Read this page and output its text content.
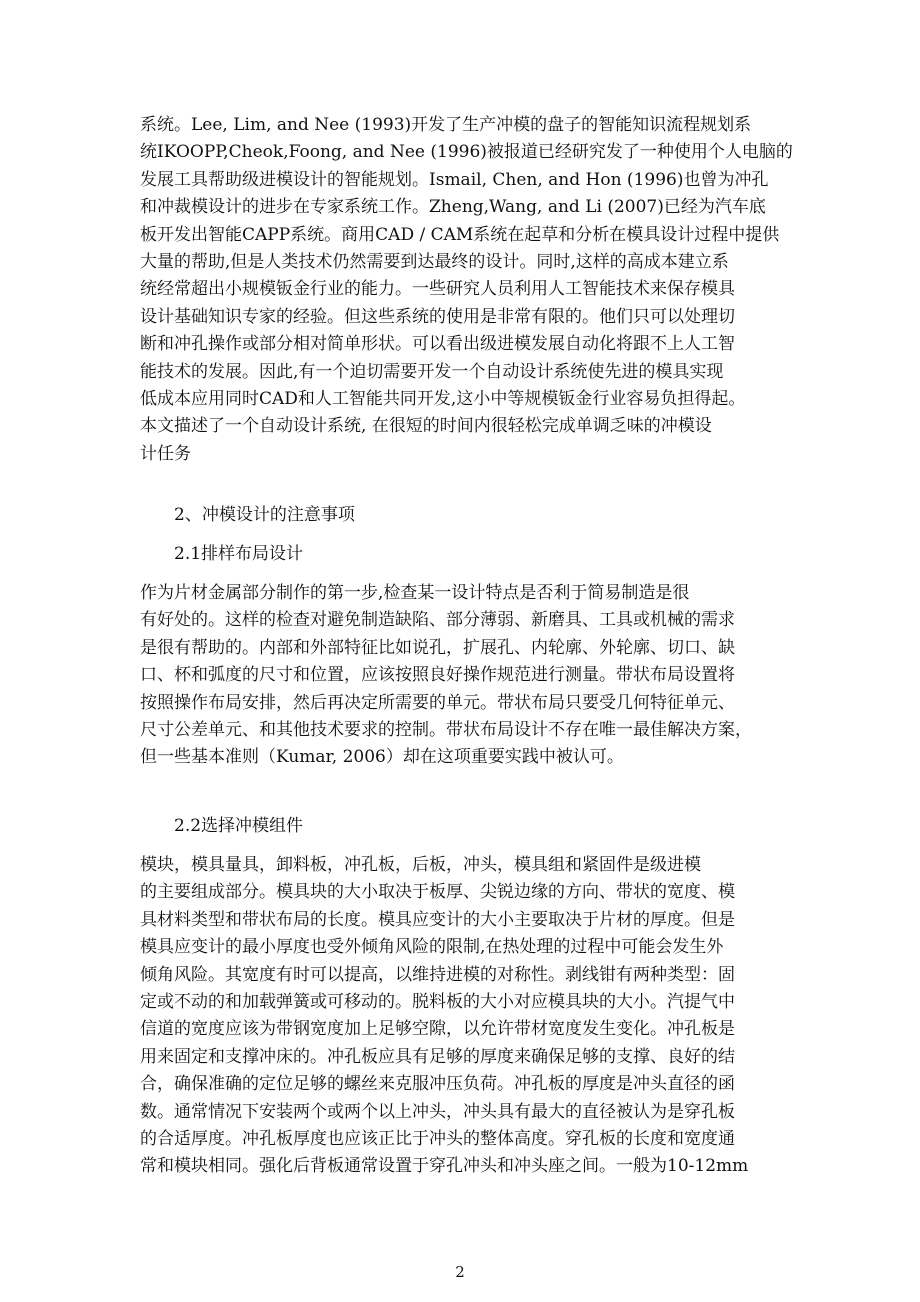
系统。Lee, Lim, and Nee (1993)开发了生产冲模的盘子的智能知识流程规划系
统IKOOPP,Cheok,Foong, and Nee (1996)被报道已经研究发了一种使用个人电脑的
发展工具帮助级进模设计的智能规划。Ismail, Chen, and Hon (1996)也曾为冲孔
和冲裁模设计的进步在专家系统工作。Zheng,Wang, and Li (2007)已经为汽车底
板开发出智能CAPP系统。商用CAD / CAM系统在起草和分析在模具设计过程中提供
大量的帮助,但是人类技术仍然需要到达最终的设计。同时,这样的高成本建立系
统经常超出小规模钣金行业的能力。一些研究人员利用人工智能技术来保存模具
设计基础知识专家的经验。但这些系统的使用是非常有限的。他们只可以处理切
断和冲孔操作或部分相对简单形状。可以看出级进模发展自动化将跟不上人工智
能技术的发展。因此,有一个迫切需要开发一个自动设计系统使先进的模具实现
低成本应用同时CAD和人工智能共同开发,这小中等规模钣金行业容易负担得起。
本文描述了一个自动设计系统, 在很短的时间内很轻松完成单调乏味的冲模设
计任务
2、冲模设计的注意事项
2.1排样布局设计
作为片材金属部分制作的第一步,检查某一设计特点是否利于简易制造是很
有好处的。这样的检查对避免制造缺陷、部分薄弱、新磨具、工具或机械的需求
是很有帮助的。内部和外部特征比如说孔，扩展孔、内轮廓、外轮廓、切口、缺
口、杯和弧度的尺寸和位置，应该按照良好操作规范进行测量。带状布局设置将
按照操作布局安排，然后再决定所需要的单元。带状布局只要受几何特征单元、
尺寸公差单元、和其他技术要求的控制。带状布局设计不存在唯一最佳解决方案，
但一些基本准则（Kumar, 2006）却在这项重要实践中被认可。
2.2选择冲模组件
模块，模具量具，卸料板，冲孔板，后板，冲头，模具组和紧固件是级进模
的主要组成部分。模具块的大小取决于板厚、尖锐边缘的方向、带状的宽度、模
具材料类型和带状布局的长度。模具应变计的大小主要取决于片材的厚度。但是
模具应变计的最小厚度也受外倾角风险的限制,在热处理的过程中可能会发生外
倾角风险。其宽度有时可以提高，以维持进模的对称性。剥线钳有两种类型：固
定或不动的和加载弹簧或可移动的。脱料板的大小对应模具块的大小。汽提气中
信道的宽度应该为带钢宽度加上足够空隙，以允许带材宽度发生变化。冲孔板是
用来固定和支撑冲床的。冲孔板应具有足够的厚度来确保足够的支撑、良好的结
合，确保准确的定位足够的螺丝来克服冲压负荷。冲孔板的厚度是冲头直径的函
数。通常情况下安装两个或两个以上冲头，冲头具有最大的直径被认为是穿孔板
的合适厚度。冲孔板厚度也应该正比于冲头的整体高度。穿孔板的长度和宽度通
常和模块相同。强化后背板通常设置于穿孔冲头和冲头座之间。一般为10-12mm
2
